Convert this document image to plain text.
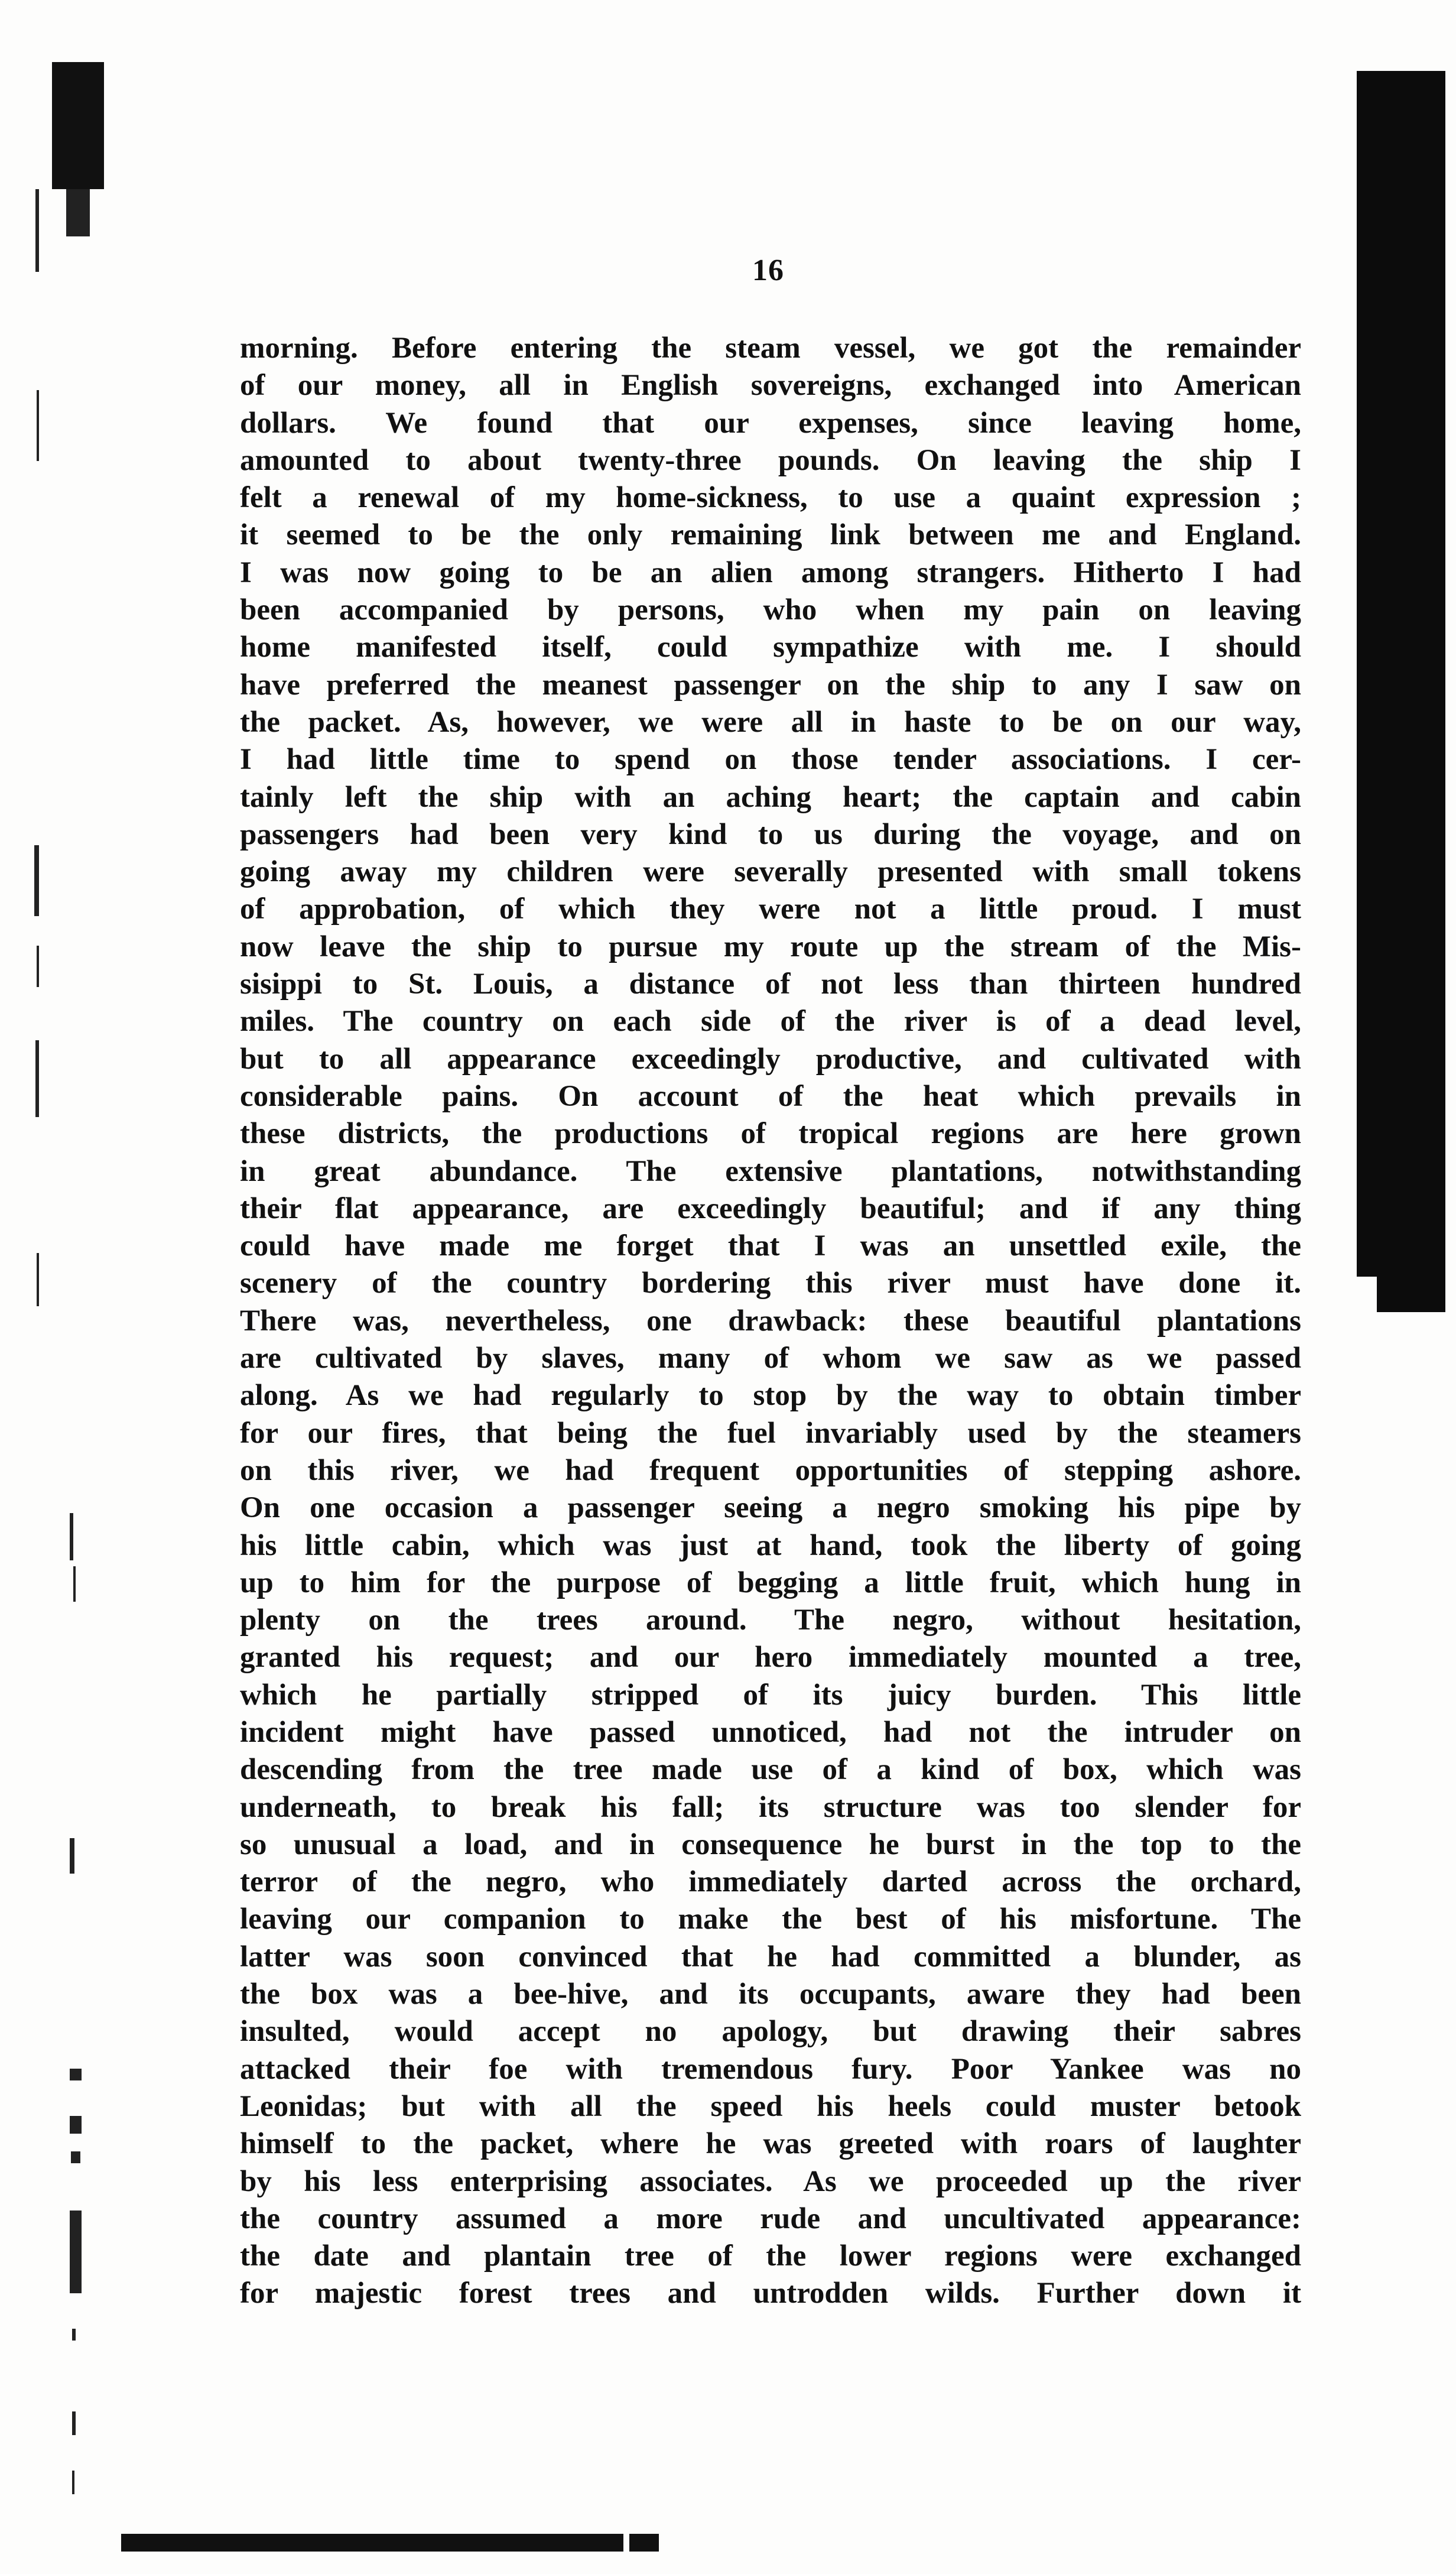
16
morning. Before entering the steam vessel, we got the remainder
of our money, all in English sovereigns, exchanged into American
dollars. We found that our expenses, since leaving home,
amounted to about twenty-three pounds. On leaving the ship I
felt a renewal of my home-sickness, to use a quaint expression ;
it seemed to be the only remaining link between me and England.
I was now going to be an alien among strangers. Hitherto I had
been accompanied by persons, who when my pain on leaving
home manifested itself, could sympathize with me. I should
have preferred the meanest passenger on the ship to any I saw on
the packet. As, however, we were all in haste to be on our way,
I had little time to spend on those tender associations. I cer-
tainly left the ship with an aching heart; the captain and cabin
passengers had been very kind to us during the voyage, and on
going away my children were severally presented with small tokens
of approbation, of which they were not a little proud. I must
now leave the ship to pursue my route up the stream of the Mis-
sisippi to St. Louis, a distance of not less than thirteen hundred
miles. The country on each side of the river is of a dead level,
but to all appearance exceedingly productive, and cultivated with
considerable pains. On account of the heat which prevails in
these districts, the productions of tropical regions are here grown
in great abundance. The extensive plantations, notwithstanding
their flat appearance, are exceedingly beautiful; and if any thing
could have made me forget that I was an unsettled exile, the
scenery of the country bordering this river must have done it.
There was, nevertheless, one drawback: these beautiful plantations
are cultivated by slaves, many of whom we saw as we passed
along. As we had regularly to stop by the way to obtain timber
for our fires, that being the fuel invariably used by the steamers
on this river, we had frequent opportunities of stepping ashore.
On one occasion a passenger seeing a negro smoking his pipe by
his little cabin, which was just at hand, took the liberty of going
up to him for the purpose of begging a little fruit, which hung in
plenty on the trees around. The negro, without hesitation,
granted his request; and our hero immediately mounted a tree,
which he partially stripped of its juicy burden. This little
incident might have passed unnoticed, had not the intruder on
descending from the tree made use of a kind of box, which was
underneath, to break his fall; its structure was too slender for
so unusual a load, and in consequence he burst in the top to the
terror of the negro, who immediately darted across the orchard,
leaving our companion to make the best of his misfortune. The
latter was soon convinced that he had committed a blunder, as
the box was a bee-hive, and its occupants, aware they had been
insulted, would accept no apology, but drawing their sabres
attacked their foe with tremendous fury. Poor Yankee was no
Leonidas; but with all the speed his heels could muster betook
himself to the packet, where he was greeted with roars of laughter
by his less enterprising associates. As we proceeded up the river
the country assumed a more rude and uncultivated appearance:
the date and plantain tree of the lower regions were exchanged
for majestic forest trees and untrodden wilds. Further down it
